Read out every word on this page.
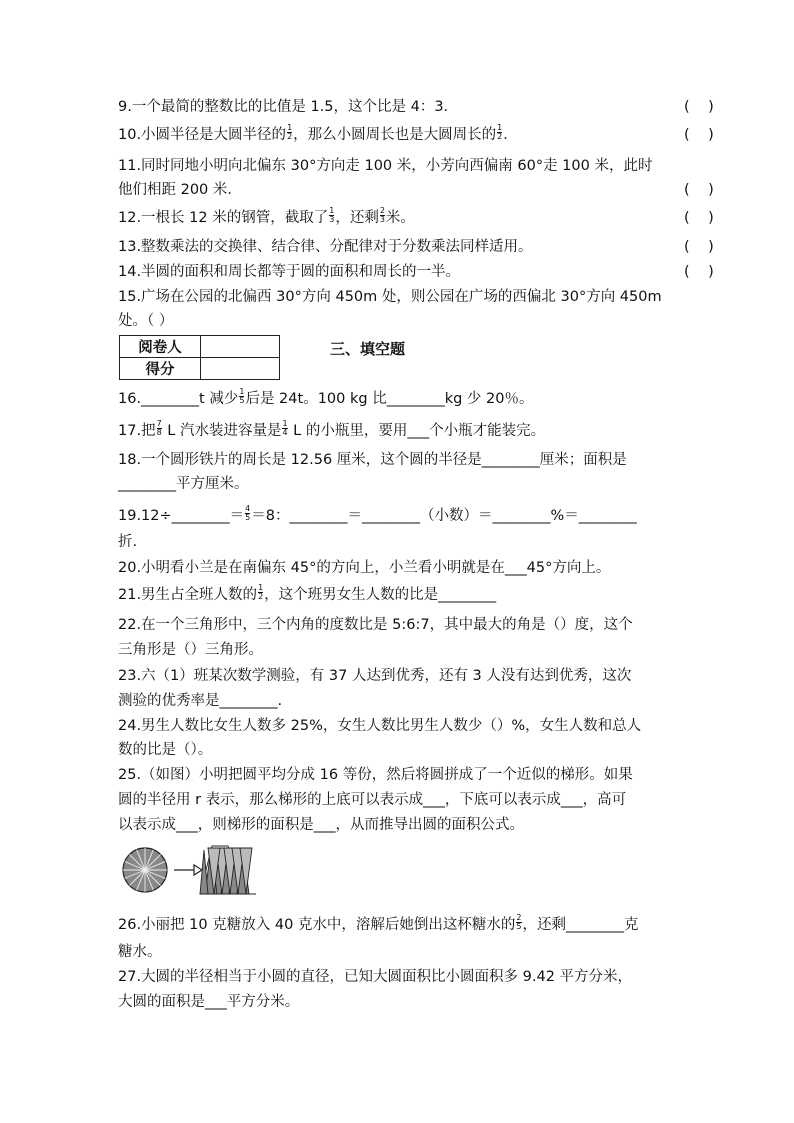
9.一个最简的整数比的比值是 1.5，这个比是 4：3．	(    )
10.小圆半径是大圆半径的 $\frac{1}{2}$ ，那么小圆周长也是大圆周长的 $\frac{1}{2}$ ．	(    )
11.同时同地小明向北偏东 30°方向走 100 米，小芳向西偏南 60°走 100 米，此时
他们相距 200 米．	(    )
12.一根长 12 米的钢管，截取了 $\frac{1}{3}$ ，还剩 $\frac{2}{3}$ 米。	(    )
13.整数乘法的交换律、结合律、分配律对于分数乘法同样适用。	(    )
14.半圆的面积和周长都等于圆的面积和周长的一半。	(    )
15.广场在公园的北偏西 30°方向 450m 处，则公园在广场的西偏北 30°方向 450m
处。（ ）
阅卷人	
得分	
三、填空题
16.________t 减少 $\frac{1}{5}$ 后是 24t。100 kg 比________kg 少 20％。
17.把 $\frac{7}{8}$ L 汽水装进容量是 $\frac{1}{4}$ L 的小瓶里，要用___个小瓶才能装完。
18.一个圆形铁片的周长是 12.56 厘米，这个圆的半径是________厘米；面积是
________平方厘米。
19.12÷________＝ $\frac{4}{5} =8$：________＝________（小数）＝________%＝________
折.
20.小明看小兰是在南偏东 45°的方向上，小兰看小明就是在___45°方向上。
21.男生占全班人数的 $\frac{1}{2}$ ，这个班男女生人数的比是________
22.在一个三角形中，三个内角的度数比是 5:6:7，其中最大的角是（）度，这个
三角形是（）三角形。
23.六（1）班某次数学测验，有 37 人达到优秀，还有 3 人没有达到优秀，这次
测验的优秀率是________.
24.男生人数比女生人数多 25%，女生人数比男生人数少（）%，女生人数和总人
数的比是（）。
25.（如图）小明把圆平均分成 16 等份，然后将圆拼成了一个近似的梯形。如果
圆的半径用 r 表示，那么梯形的上底可以表示成___，下底可以表示成___，高可
以表示成___，则梯形的面积是___，从而推导出圆的面积公式。
26.小丽把 10 克糖放入 40 克水中，溶解后她倒出这杯糖水的 $\frac{2}{5}$ ，还剩________克
糖水。
27.大圆的半径相当于小圆的直径，已知大圆面积比小圆面积多 9.42 平方分米，
大圆的面积是___平方分米。
